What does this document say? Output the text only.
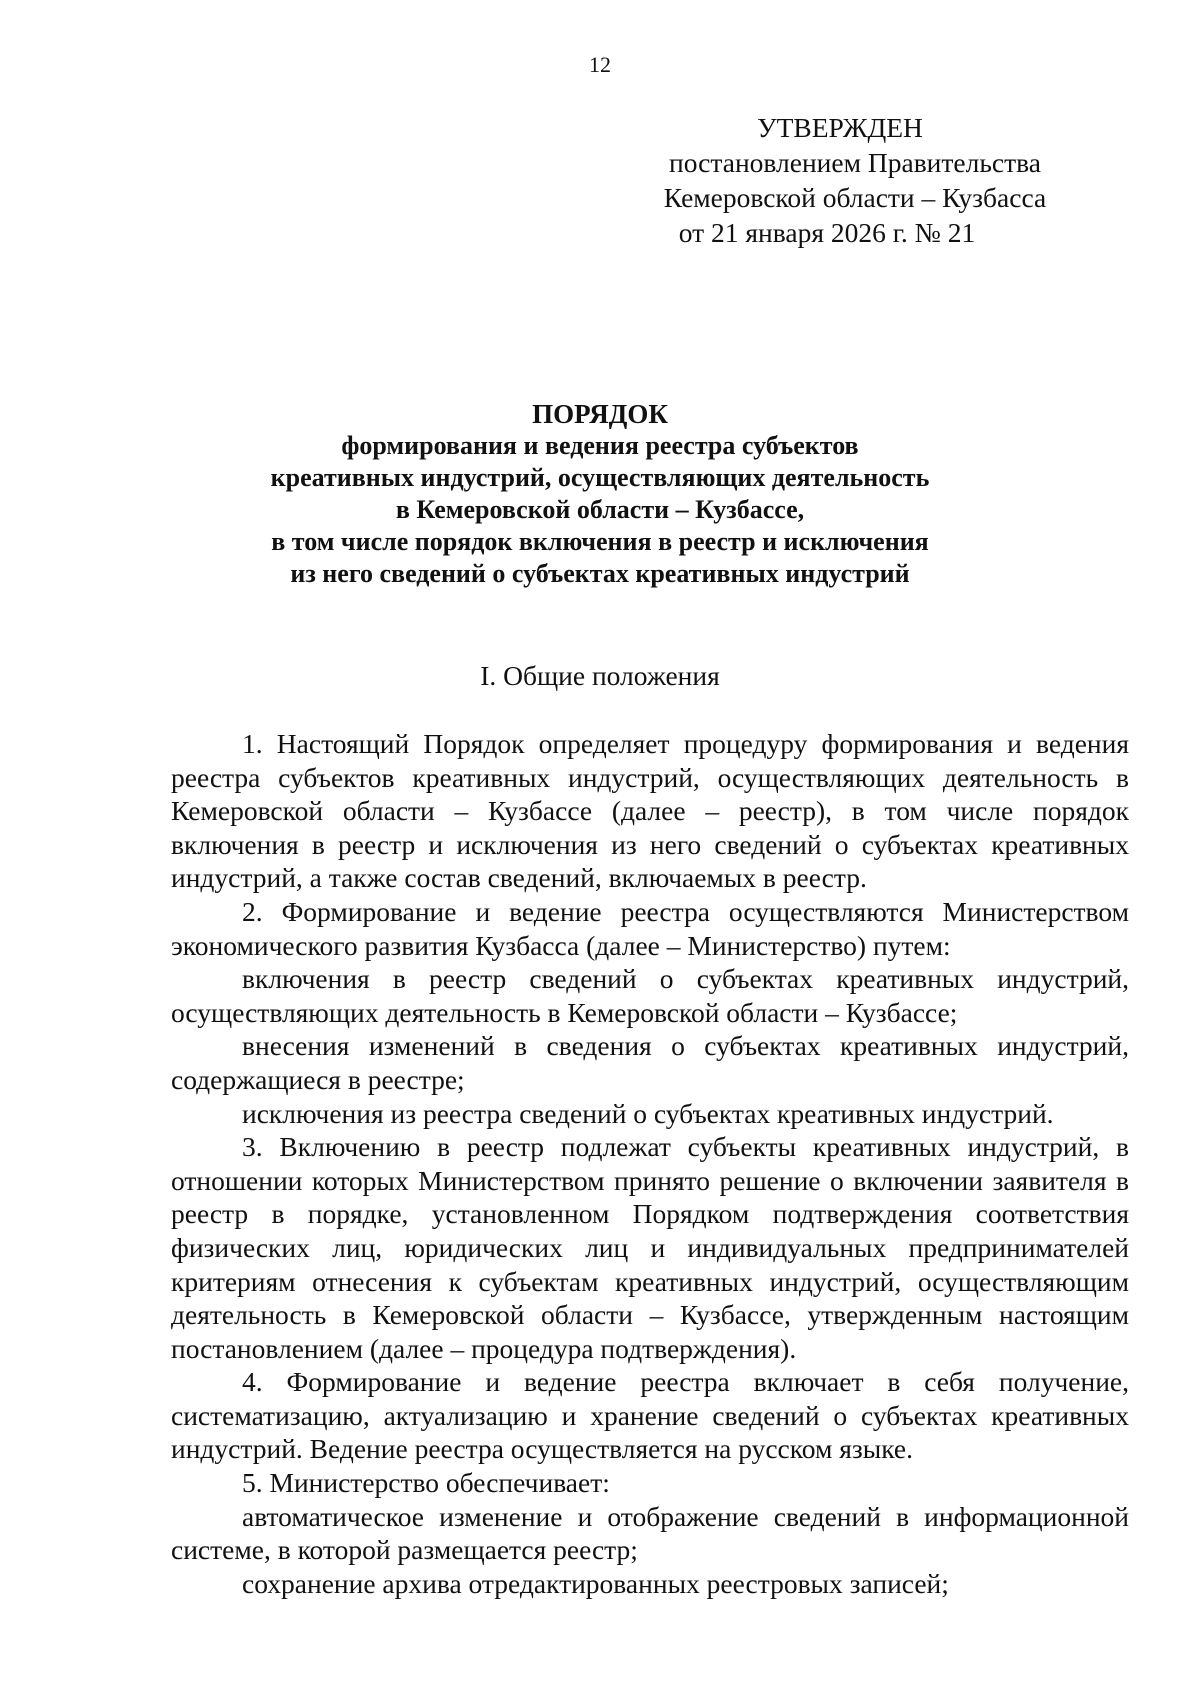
12
УТВЕРЖДЕН
постановлением Правительства
Кемеровской области – Кузбасса
от 21 января 2026 г. № 21
ПОРЯДОК
формирования и ведения реестра субъектов
креативных индустрий, осуществляющих деятельность
в Кемеровской области – Кузбассе,
в том числе порядок включения в реестр и исключения
из него сведений о субъектах креативных индустрий
I. Общие положения

1. Настоящий Порядок определяет процедуру формирования и ведения реестра субъектов креативных индустрий, осуществляющих деятельность в Кемеровской области – Кузбассе (далее – реестр), в том числе порядок включения в реестр и исключения из него сведений о субъектах креативных индустрий, а также состав сведений, включаемых в реестр.

2. Формирование и ведение реестра осуществляются Министерством экономического развития Кузбасса (далее – Министерство) путем:

включения в реестр сведений о субъектах креативных индустрий, осуществляющих деятельность в Кемеровской области – Кузбассе;

внесения изменений в сведения о субъектах креативных индустрий, содержащиеся в реестре;

исключения из реестра сведений о субъектах креативных индустрий.

3. Включению в реестр подлежат субъекты креативных индустрий, в отношении которых Министерством принято решение о включении заявителя в реестр в порядке, установленном Порядком подтверждения соответствия физических лиц, юридических лиц и индивидуальных предпринимателей критериям отнесения к субъектам креативных индустрий, осуществляющим деятельность в Кемеровской области – Кузбассе, утвержденным настоящим постановлением (далее – процедура подтверждения).

4. Формирование и ведение реестра включает в себя получение, систематизацию, актуализацию и хранение сведений о субъектах креативных индустрий. Ведение реестра осуществляется на русском языке.

5. Министерство обеспечивает:

автоматическое изменение и отображение сведений в информационной системе, в которой размещается реестр;

сохранение архива отредактированных реестровых записей;
